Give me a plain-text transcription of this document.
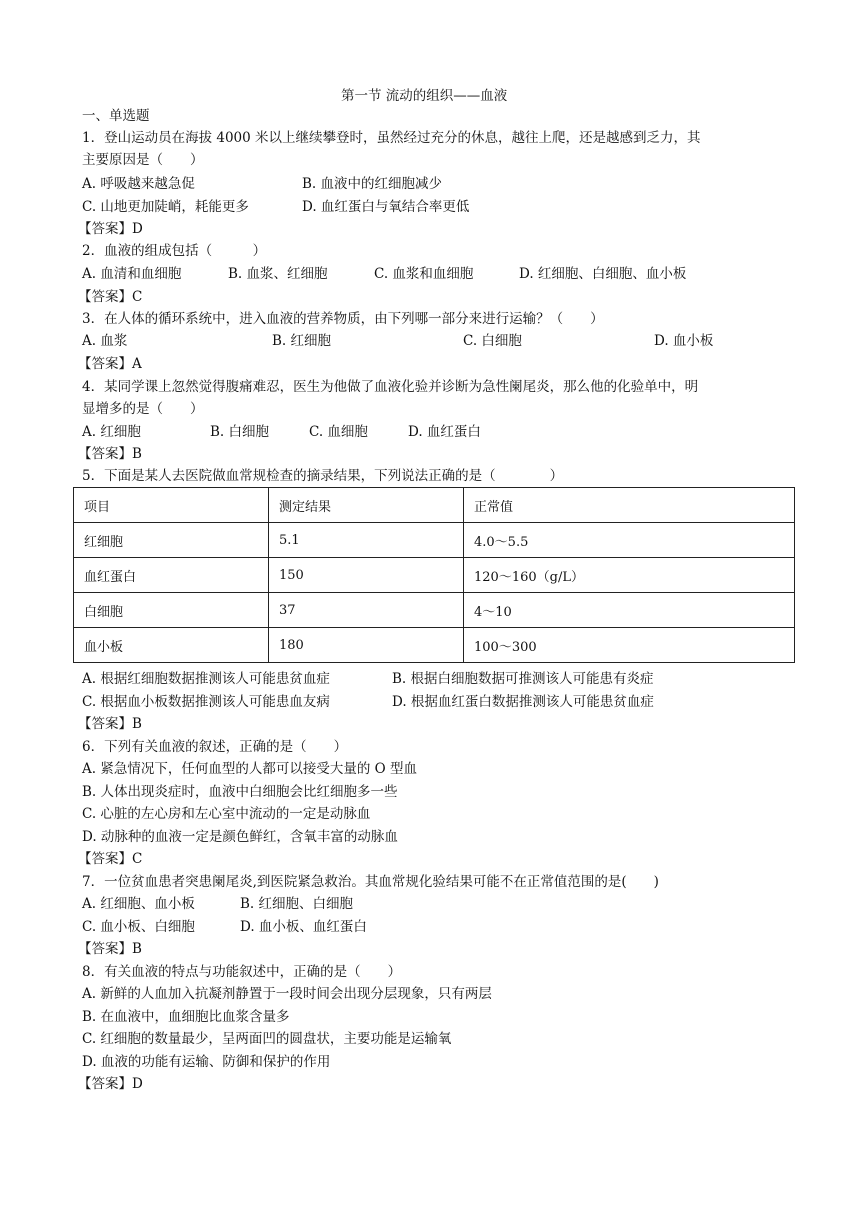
第一节 流动的组织——血液
一、单选题
1．登山运动员在海拔 4000 米以上继续攀登时，虽然经过充分的休息，越往上爬，还是越感到乏力，其
主要原因是（　　）
A. 呼吸越来越急促	B. 血液中的红细胞减少
C. 山地更加陡峭，耗能更多	D. 血红蛋白与氧结合率更低
【答案】D
2．血液的组成包括（　　　）
A. 血清和血细胞	B. 血浆、红细胞	C. 血浆和血细胞	D. 红细胞、白细胞、血小板
【答案】C
3．在人体的循环系统中，进入血液的营养物质，由下列哪一部分来进行运输？（　　）
A. 血浆	B. 红细胞	C. 白细胞	D. 血小板
【答案】A
4．某同学课上忽然觉得腹痛难忍，医生为他做了血液化验并诊断为急性阑尾炎，那么他的化验单中，明
显增多的是（　　）
A. 红细胞	B. 白细胞	C. 血细胞	D. 血红蛋白
【答案】B
5．下面是某人去医院做血常规检查的摘录结果，下列说法正确的是（　　　　）
项目	测定结果	正常值
红细胞	5.1	4.0～5.5
血红蛋白	150	120～160（g/L）
白细胞	37	4～10
血小板	180	100～300
A. 根据红细胞数据推测该人可能患贫血症	B. 根据白细胞数据可推测该人可能患有炎症
C. 根据血小板数据推测该人可能患血友病	D. 根据血红蛋白数据推测该人可能患贫血症
【答案】B
6．下列有关血液的叙述，正确的是（　　）
A. 紧急情况下，任何血型的人都可以接受大量的 O 型血
B. 人体出现炎症时，血液中白细胞会比红细胞多一些
C. 心脏的左心房和左心室中流动的一定是动脉血
D. 动脉种的血液一定是颜色鲜红，含氧丰富的动脉血
【答案】C
7．一位贫血患者突患阑尾炎,到医院紧急救治。其血常规化验结果可能不在正常值范围的是(　　)
A. 红细胞、血小板	B. 红细胞、白细胞
C. 血小板、白细胞	D. 血小板、血红蛋白
【答案】B
8．有关血液的特点与功能叙述中，正确的是（　　）
A. 新鲜的人血加入抗凝剂静置于一段时间会出现分层现象，只有两层
B. 在血液中，血细胞比血浆含量多
C. 红细胞的数量最少，呈两面凹的圆盘状，主要功能是运输氧
D. 血液的功能有运输、防御和保护的作用
【答案】D
